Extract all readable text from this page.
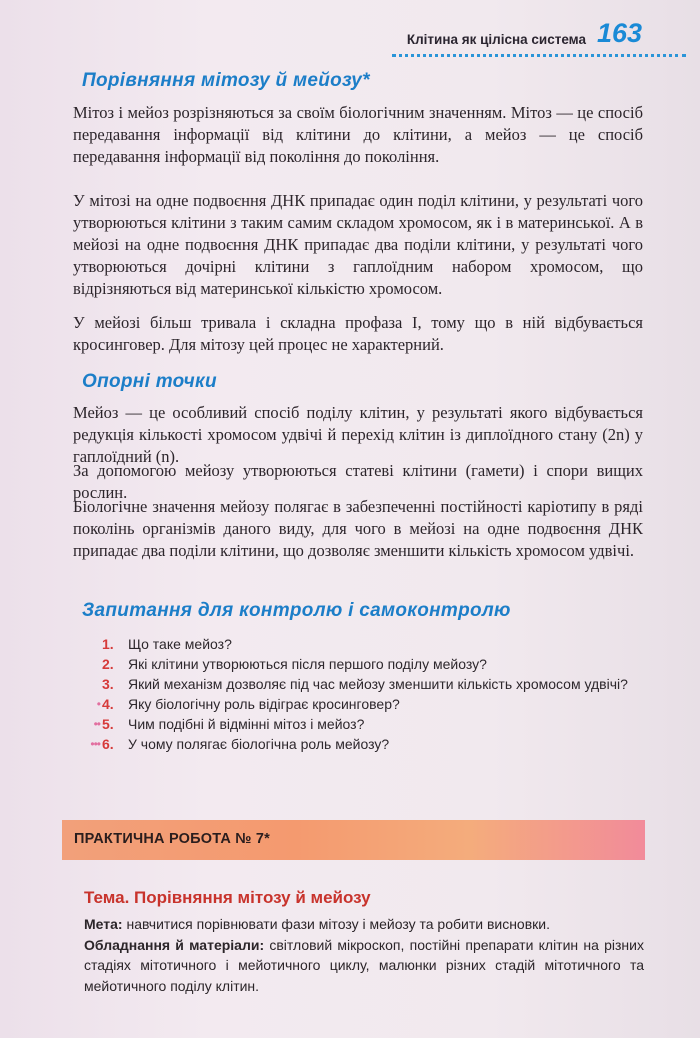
Клітина як цілісна система 163
Порівняння мітозу й мейозу*

Мітоз і мейоз розрізняються за своїм біологічним значенням. Мітоз — це спосіб передавання інформації від клітини до клітини, а мейоз — це спосіб передавання інформації від покоління до покоління.

У мітозі на одне подвоєння ДНК припадає один поділ клітини, у результаті чого утворюються клітини з таким самим складом хромосом, як і в материнської. А в мейозі на одне подвоєння ДНК припадає два поділи клітини, у результаті чого утворюються дочірні клітини з гаплоїдним набором хромосом, що відрізняються від материнської кількістю хромосом.

У мейозі більш тривала і складна профаза I, тому що в ній відбувається кросинговер. Для мітозу цей процес не характерний.

Опорні точки

Мейоз — це особливий спосіб поділу клітин, у результаті якого відбувається редукція кількості хромосом удвічі й перехід клітин із диплоїдного стану (2n) у гаплоїдний (n).

За допомогою мейозу утворюються статеві клітини (гамети) і спори вищих рослин.

Біологічне значення мейозу полягає в забезпеченні постійності каріотипу в ряді поколінь організмів даного виду, для чого в мейозі на одне подвоєння ДНК припадає два поділи клітини, що дозволяє зменшити кількість хромосом удвічі.

Запитання для контролю і самоконтролю
1. Що таке мейоз?
2. Які клітини утворюються після першого поділу мейозу?
3. Який механізм дозволяє під час мейозу зменшити кількість хромосом удвічі?
• 4. Яку біологічну роль відіграє кросинговер?
•• 5. Чим подібні й відмінні мітоз і мейоз?
••• 6. У чому полягає біологічна роль мейозу?
ПРАКТИЧНА РОБОТА № 7*
Тема. Порівняння мітозу й мейозу

Мета: навчитися порівнювати фази мітозу і мейозу та робити висновки.
Обладнання й матеріали: світловий мікроскоп, постійні препарати клітин на різних стадіях мітотичного і мейотичного циклу, малюнки різних стадій мітотичного та мейотичного поділу клітин.
